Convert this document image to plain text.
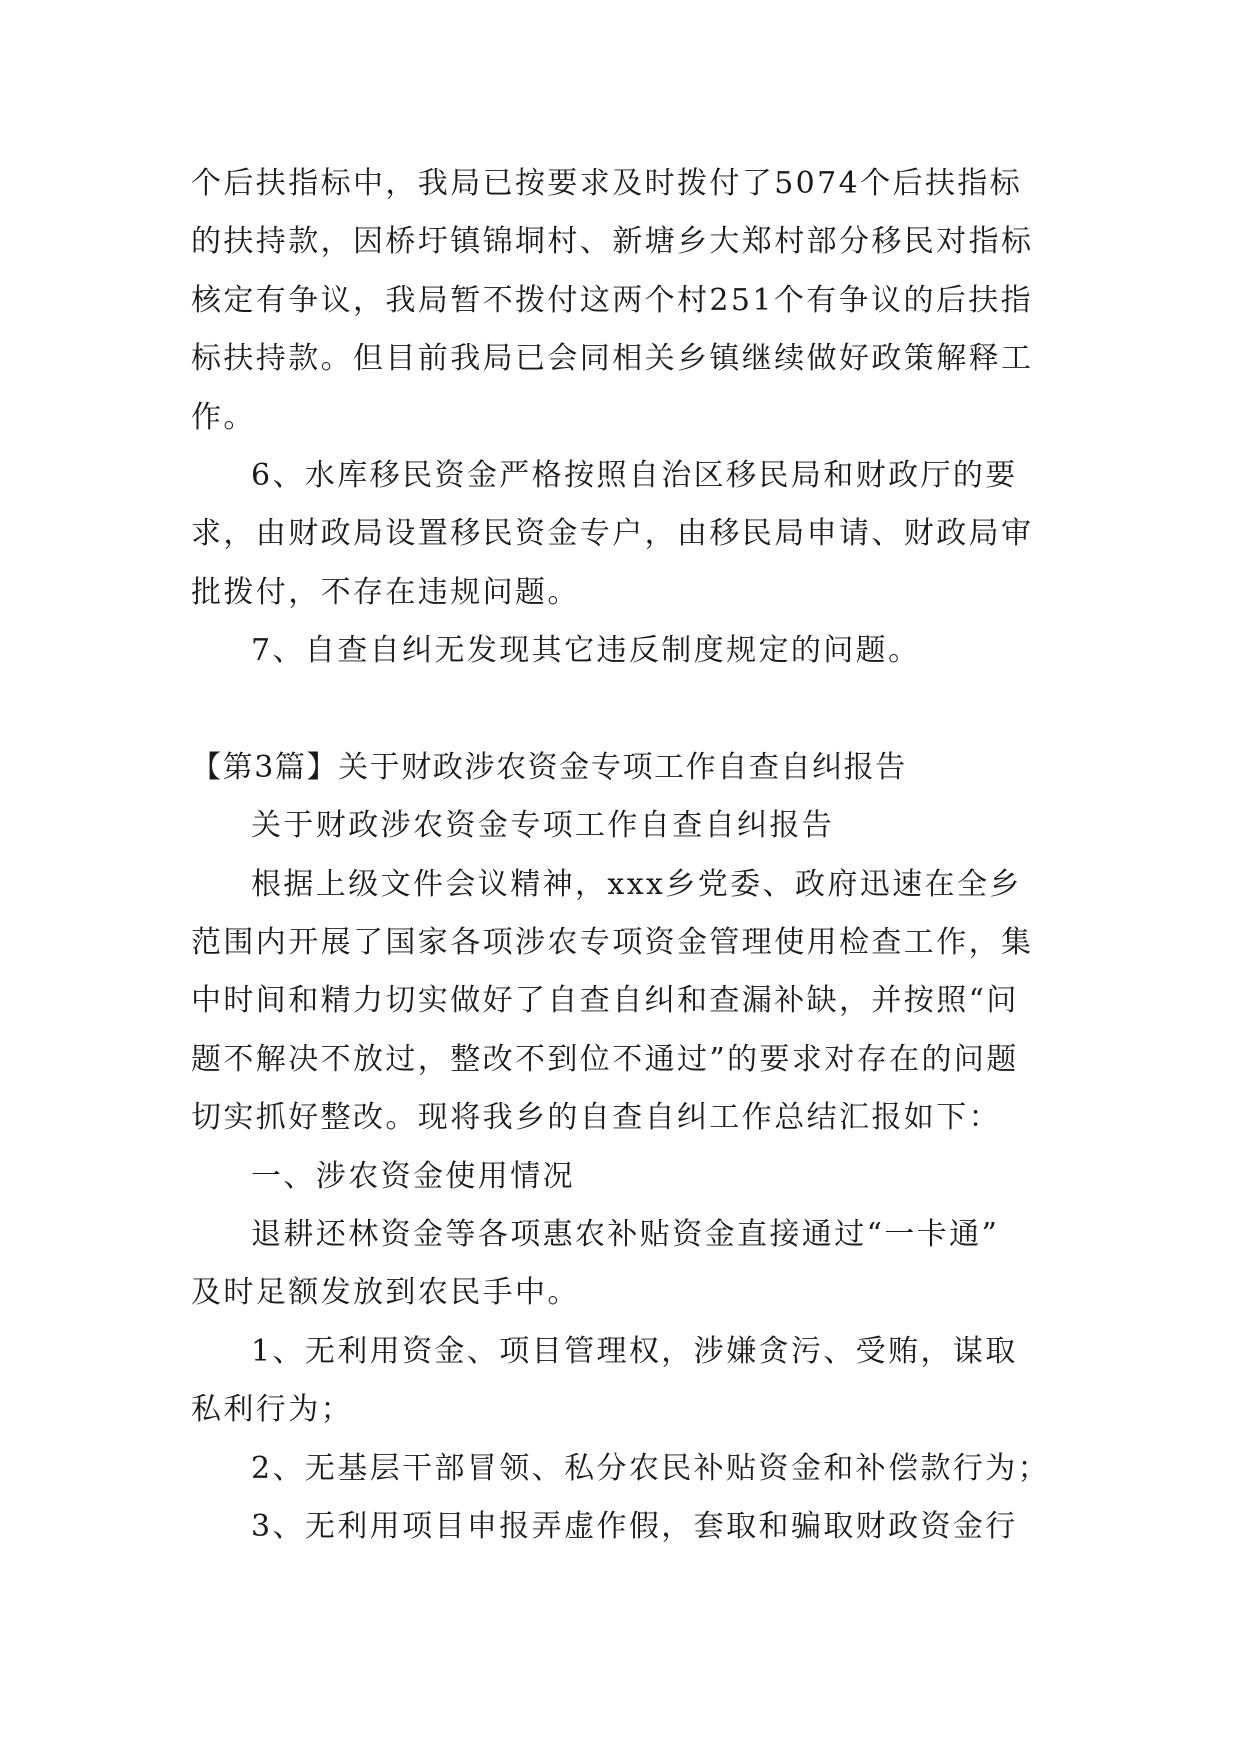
个后扶指标中，我局已按要求及时拨付了5074个后扶指标
的扶持款，因桥圩镇锦垌村、新塘乡大郑村部分移民对指标
核定有争议，我局暂不拨付这两个村251个有争议的后扶指
标扶持款。但目前我局已会同相关乡镇继续做好政策解释工
作。
6、水库移民资金严格按照自治区移民局和财政厅的要
求，由财政局设置移民资金专户，由移民局申请、财政局审
批拨付，不存在违规问题。
7、自查自纠无发现其它违反制度规定的问题。
【第3篇】关于财政涉农资金专项工作自查自纠报告
关于财政涉农资金专项工作自查自纠报告
根据上级文件会议精神，xxx乡党委、政府迅速在全乡
范围内开展了国家各项涉农专项资金管理使用检查工作，集
中时间和精力切实做好了自查自纠和查漏补缺，并按照“问
题不解决不放过，整改不到位不通过”的要求对存在的问题
切实抓好整改。现将我乡的自查自纠工作总结汇报如下：
一、涉农资金使用情况
退耕还林资金等各项惠农补贴资金直接通过“一卡通”
及时足额发放到农民手中。
1、无利用资金、项目管理权，涉嫌贪污、受贿，谋取
私利行为；
2、无基层干部冒领、私分农民补贴资金和补偿款行为；
3、无利用项目申报弄虚作假，套取和骗取财政资金行
